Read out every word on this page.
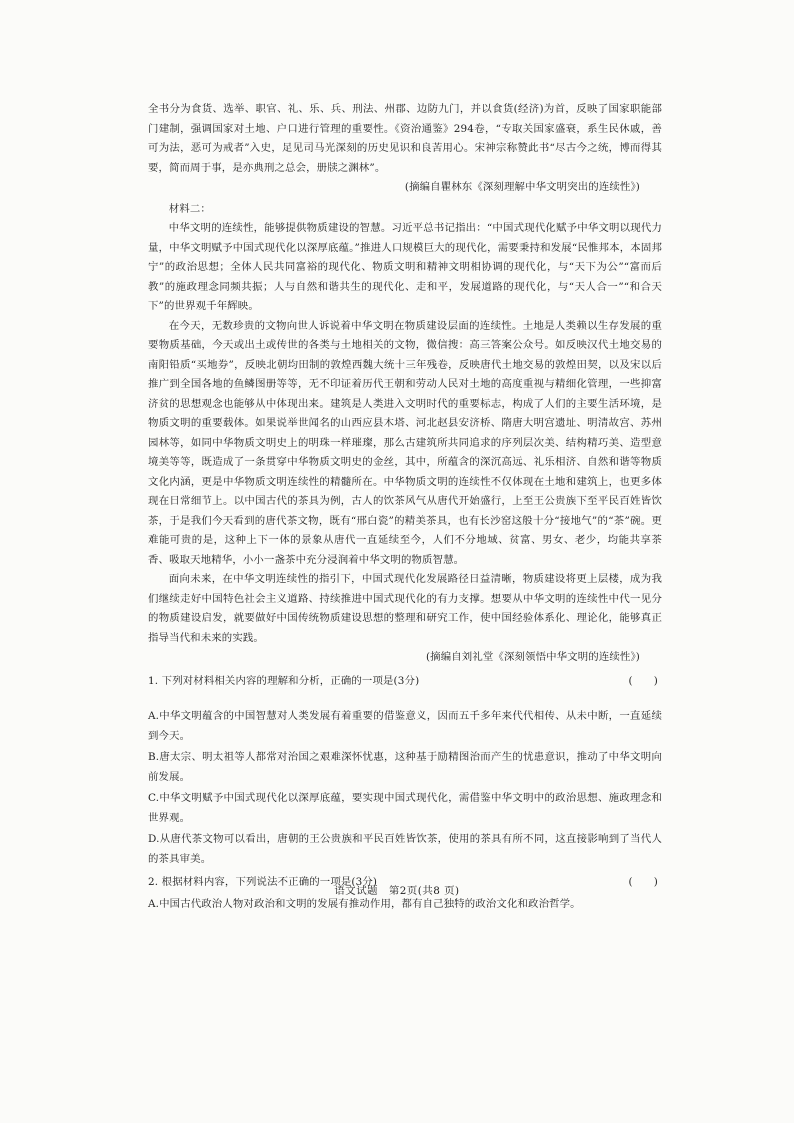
全书分为食货、选举、职官、礼、乐、兵、刑法、州郡、边防九门，并以食货(经济)为首，反映了国家职能部门建制，强调国家对土地、户口进行管理的重要性。《资治通鉴》294卷，“专取关国家盛衰，系生民休戚，善可为法，恶可为戒者”入史，足见司马光深刻的历史见识和良苦用心。宋神宗称赞此书“尽古今之统，博而得其要，简而周于事，是亦典刑之总会，册牍之渊林”。

(摘编自瞿林东《深刻理解中华文明突出的连续性》)

材料二：

中华文明的连续性，能够提供物质建设的智慧。习近平总书记指出：“中国式现代化赋予中华文明以现代力量，中华文明赋予中国式现代化以深厚底蕴。”推进人口规模巨大的现代化，需要秉持和发展“民惟邦本，本固邦宁”的政治思想；全体人民共同富裕的现代化、物质文明和精神文明相协调的现代化，与“天下为公”“富而后教”的施政理念同频共振；人与自然和谐共生的现代化、走和平，发展道路的现代化，与“天人合一”“和合天下”的世界观千年辉映。

在今天，无数珍贵的文物向世人诉说着中华文明在物质建设层面的连续性。土地是人类赖以生存发展的重要物质基础，今天或出土或传世的各类与土地相关的文物，微信搜：高三答案公众号。如反映汉代土地交易的南阳铅质“买地券”，反映北朝均田制的敦煌西魏大统十三年残卷，反映唐代土地交易的敦煌田契，以及宋以后推广到全国各地的鱼鳞图册等等，无不印证着历代王朝和劳动人民对土地的高度重视与精细化管理，一些抑富济贫的思想观念也能够从中体现出来。建筑是人类进入文明时代的重要标志，构成了人们的主要生活环境，是物质文明的重要载体。如果说举世闻名的山西应县木塔、河北赵县安济桥、隋唐大明宫遗址、明清故宫、苏州园林等，如同中华物质文明史上的明珠一样璀璨，那么古建筑所共同追求的序列层次美、结构精巧美、造型意境美等等，既造成了一条贯穿中华物质文明史的金丝，其中，所蕴含的深沉高远、礼乐相济、自然和谐等物质文化内涵，更是中华物质文明连续性的精髓所在。中华物质文明的连续性不仅体现在土地和建筑上，也更多体现在日常细节上。以中国古代的茶具为例，古人的饮茶风气从唐代开始盛行，上至王公贵族下至平民百姓皆饮茶，于是我们今天看到的唐代茶文物，既有“邢白瓷”的精美茶具，也有长沙窑这般十分“接地气”的“茶”碗。更难能可贵的是，这种上下一体的景象从唐代一直延续至今，人们不分地域、贫富、男女、老少，均能共享茶香、吸取天地精华，小小一盏茶中充分浸润着中华文明的物质智慧。

面向未来，在中华文明连续性的指引下，中国式现代化发展路径日益清晰，物质建设将更上层楼，成为我们继续走好中国特色社会主义道路、持续推进中国式现代化的有力支撑。想要从中华文明的连续性中代一见分的物质建设启发，就要做好中国传统物质建设思想的整理和研究工作，使中国经验体系化、理论化，能够真正指导当代和未来的实践。

(摘编自刘礼堂《深刻领悟中华文明的连续性》)

1. 下列对材料相关内容的理解和分析，正确的一项是(3分)	(　　)

A.中华文明蕴含的中国智慧对人类发展有着重要的借鉴意义，因而五千多年来代代相传、从未中断，一直延续到今天。

B.唐太宗、明太祖等人都常对治国之艰难深怀忧惠，这种基于励精图治而产生的忧患意识，推动了中华文明向前发展。

C.中华文明赋予中国式现代化以深厚底蕴，要实现中国式现代化，需借鉴中华文明中的政治思想、施政理念和世界观。

D.从唐代茶文物可以看出，唐朝的王公贵族和平民百姓皆饮茶，使用的茶具有所不同，这直接影响到了当代人的茶具审美。

2. 根据材料内容，下列说法不正确的一项是(3分)	(　　)

A.中国古代政治人物对政治和文明的发展有推动作用，都有自己独特的政治文化和政治哲学。

语文试题　第2页(共8 页)
